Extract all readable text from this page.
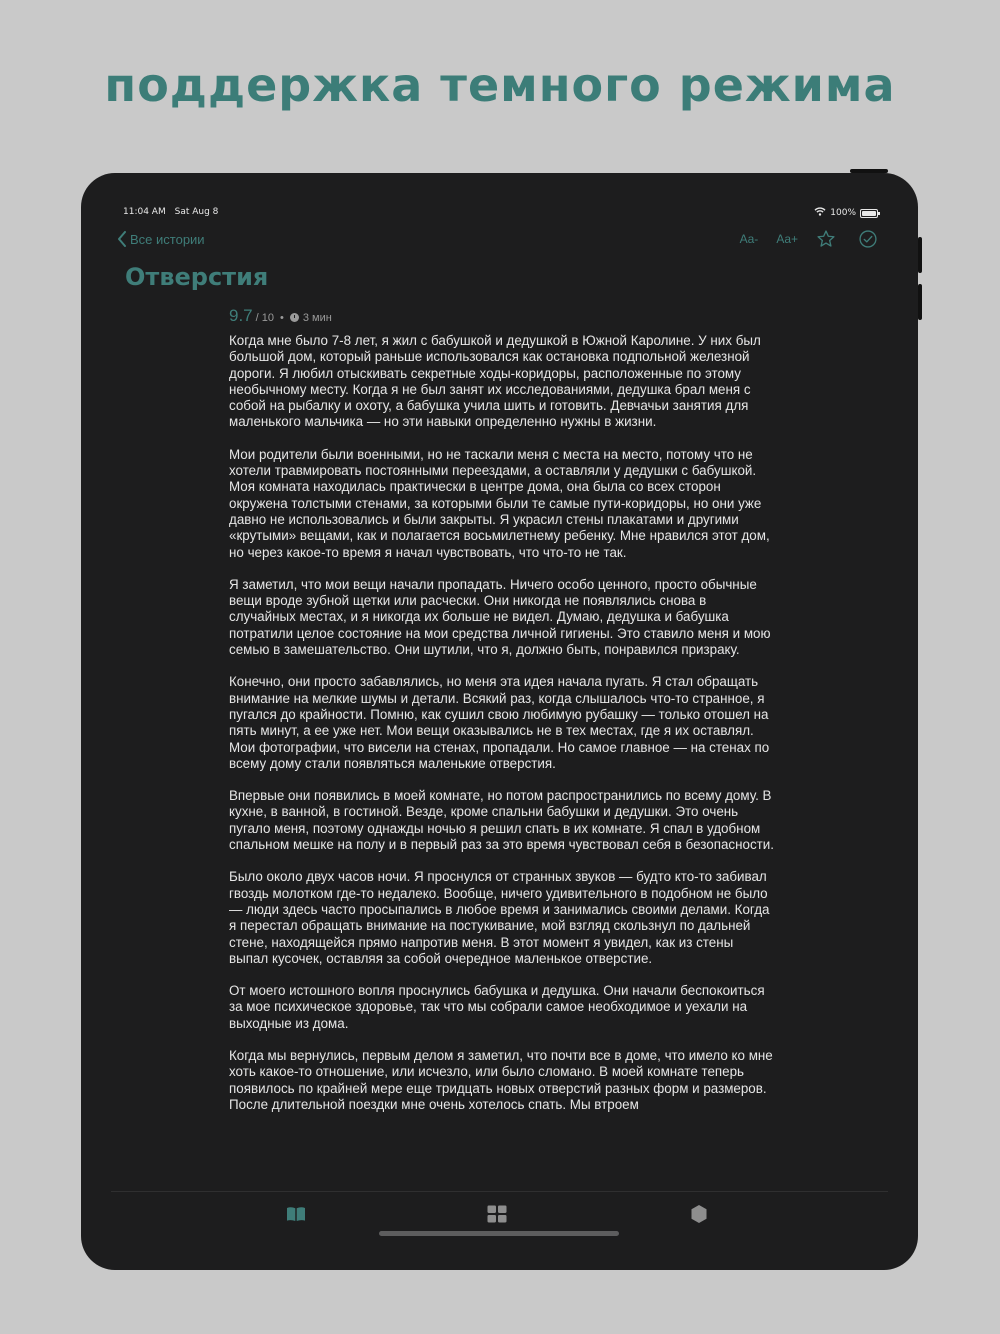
поддержка темного режима
11:04 AM Sat Aug 8	100%
Все истории	Aa- Aa+
Отверстия
9.7 / 10 • 3 мин

Когда мне было 7-8 лет, я жил с бабушкой и дедушкой в Южной Каролине. У них был большой дом, который раньше использовался как остановка подпольной железной дороги. Я любил отыскивать секретные ходы-коридоры, расположенные по этому необычному месту. Когда я не был занят их исследованиями, дедушка брал меня с собой на рыбалку и охоту, а бабушка учила шить и готовить. Девчачьи занятия для маленького мальчика — но эти навыки определенно нужны в жизни.

Мои родители были военными, но не таскали меня с места на место, потому что не хотели травмировать постоянными переездами, а оставляли у дедушки с бабушкой. Моя комната находилась практически в центре дома, она была со всех сторон окружена толстыми стенами, за которыми были те самые пути-коридоры, но они уже давно не использовались и были закрыты. Я украсил стены плакатами и другими «крутыми» вещами, как и полагается восьмилетнему ребенку. Мне нравился этот дом, но через какое-то время я начал чувствовать, что что-то не так.

Я заметил, что мои вещи начали пропадать. Ничего особо ценного, просто обычные вещи вроде зубной щетки или расчески. Они никогда не появлялись снова в случайных местах, и я никогда их больше не видел. Думаю, дедушка и бабушка потратили целое состояние на мои средства личной гигиены. Это ставило меня и мою семью в замешательство. Они шутили, что я, должно быть, понравился призраку.

Конечно, они просто забавлялись, но меня эта идея начала пугать. Я стал обращать внимание на мелкие шумы и детали. Всякий раз, когда слышалось что-то странное, я пугался до крайности. Помню, как сушил свою любимую рубашку — только отошел на пять минут, а ее уже нет. Мои вещи оказывались не в тех местах, где я их оставлял. Мои фотографии, что висели на стенах, пропадали. Но самое главное — на стенах по всему дому стали появляться маленькие отверстия.

Впервые они появились в моей комнате, но потом распространились по всему дому. В кухне, в ванной, в гостиной. Везде, кроме спальни бабушки и дедушки. Это очень пугало меня, поэтому однажды ночью я решил спать в их комнате. Я спал в удобном спальном мешке на полу и в первый раз за это время чувствовал себя в безопасности.

Было около двух часов ночи. Я проснулся от странных звуков — будто кто-то забивал гвоздь молотком где-то недалеко. Вообще, ничего удивительного в подобном не было — люди здесь часто просыпались в любое время и занимались своими делами. Когда я перестал обращать внимание на постукивание, мой взгляд скользнул по дальней стене, находящейся прямо напротив меня. В этот момент я увидел, как из стены выпал кусочек, оставляя за собой очередное маленькое отверстие.

От моего истошного вопля проснулись бабушка и дедушка. Они начали беспокоиться за мое психическое здоровье, так что мы собрали самое необходимое и уехали на выходные из дома.

Когда мы вернулись, первым делом я заметил, что почти все в доме, что имело ко мне хоть какое-то отношение, или исчезло, или было сломано. В моей комнате теперь появилось по крайней мере еще тридцать новых отверстий разных форм и размеров. После длительной поездки мне очень хотелось спать. Мы втроем
